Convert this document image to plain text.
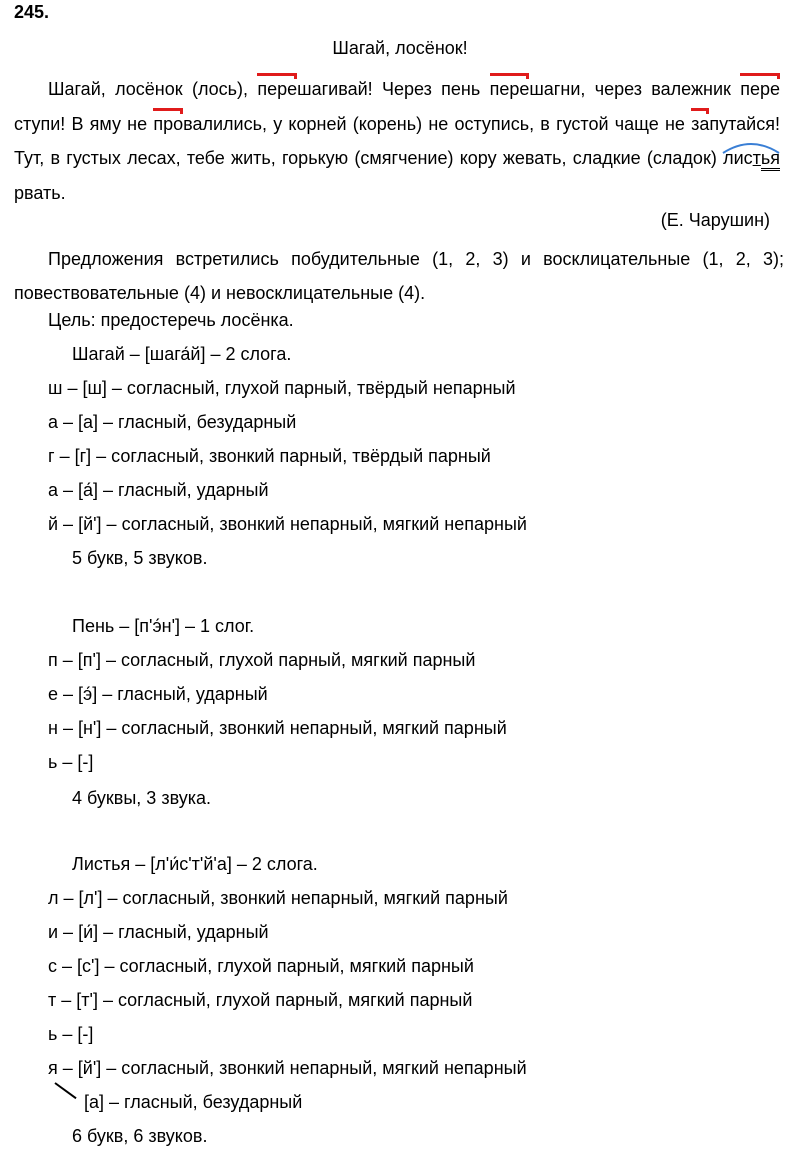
245.
Шагай, лосёнок!
Шагай, лосёнок (лось),
перешагивай! Через пень
перешагни, через валежник
переступи! В яму не
провалились, у корней (корень) не оступись, в густой чаще не
запутайся! Тут, в густых лесах, тебе жить, горькую (смягчение) кору жевать, сладкие (сладок)
листья рвать.
(Е. Чарушин)
Предложения встретились побудительные (1, 2, 3) и восклицательные (1, 2, 3); повествовательные (4) и невосклицательные (4).
Цель: предостеречь лосёнка.
Шагай – [шага́й] – 2 слога.
ш – [ш] – согласный, глухой парный, твёрдый непарный
а – [а] – гласный, безударный
г – [г] – согласный, звонкий парный, твёрдый парный
а – [а́] – гласный, ударный
й – [й'] – согласный, звонкий непарный, мягкий непарный
5 букв, 5 звуков.
Пень – [п'э́н'] – 1 слог.
п – [п'] – согласный, глухой парный, мягкий парный
е – [э́] – гласный, ударный
н – [н'] – согласный, звонкий непарный, мягкий парный
ь – [-]
4 буквы, 3 звука.
Листья – [л'и́с'т'й'а] – 2 слога.
л – [л'] – согласный, звонкий непарный, мягкий парный
и – [и́] – гласный, ударный
с – [с'] – согласный, глухой парный, мягкий парный
т – [т'] – согласный, глухой парный, мягкий парный
ь – [-]
я – [й'] – согласный, звонкий непарный, мягкий непарный
[а] – гласный, безударный
6 букв, 6 звуков.
